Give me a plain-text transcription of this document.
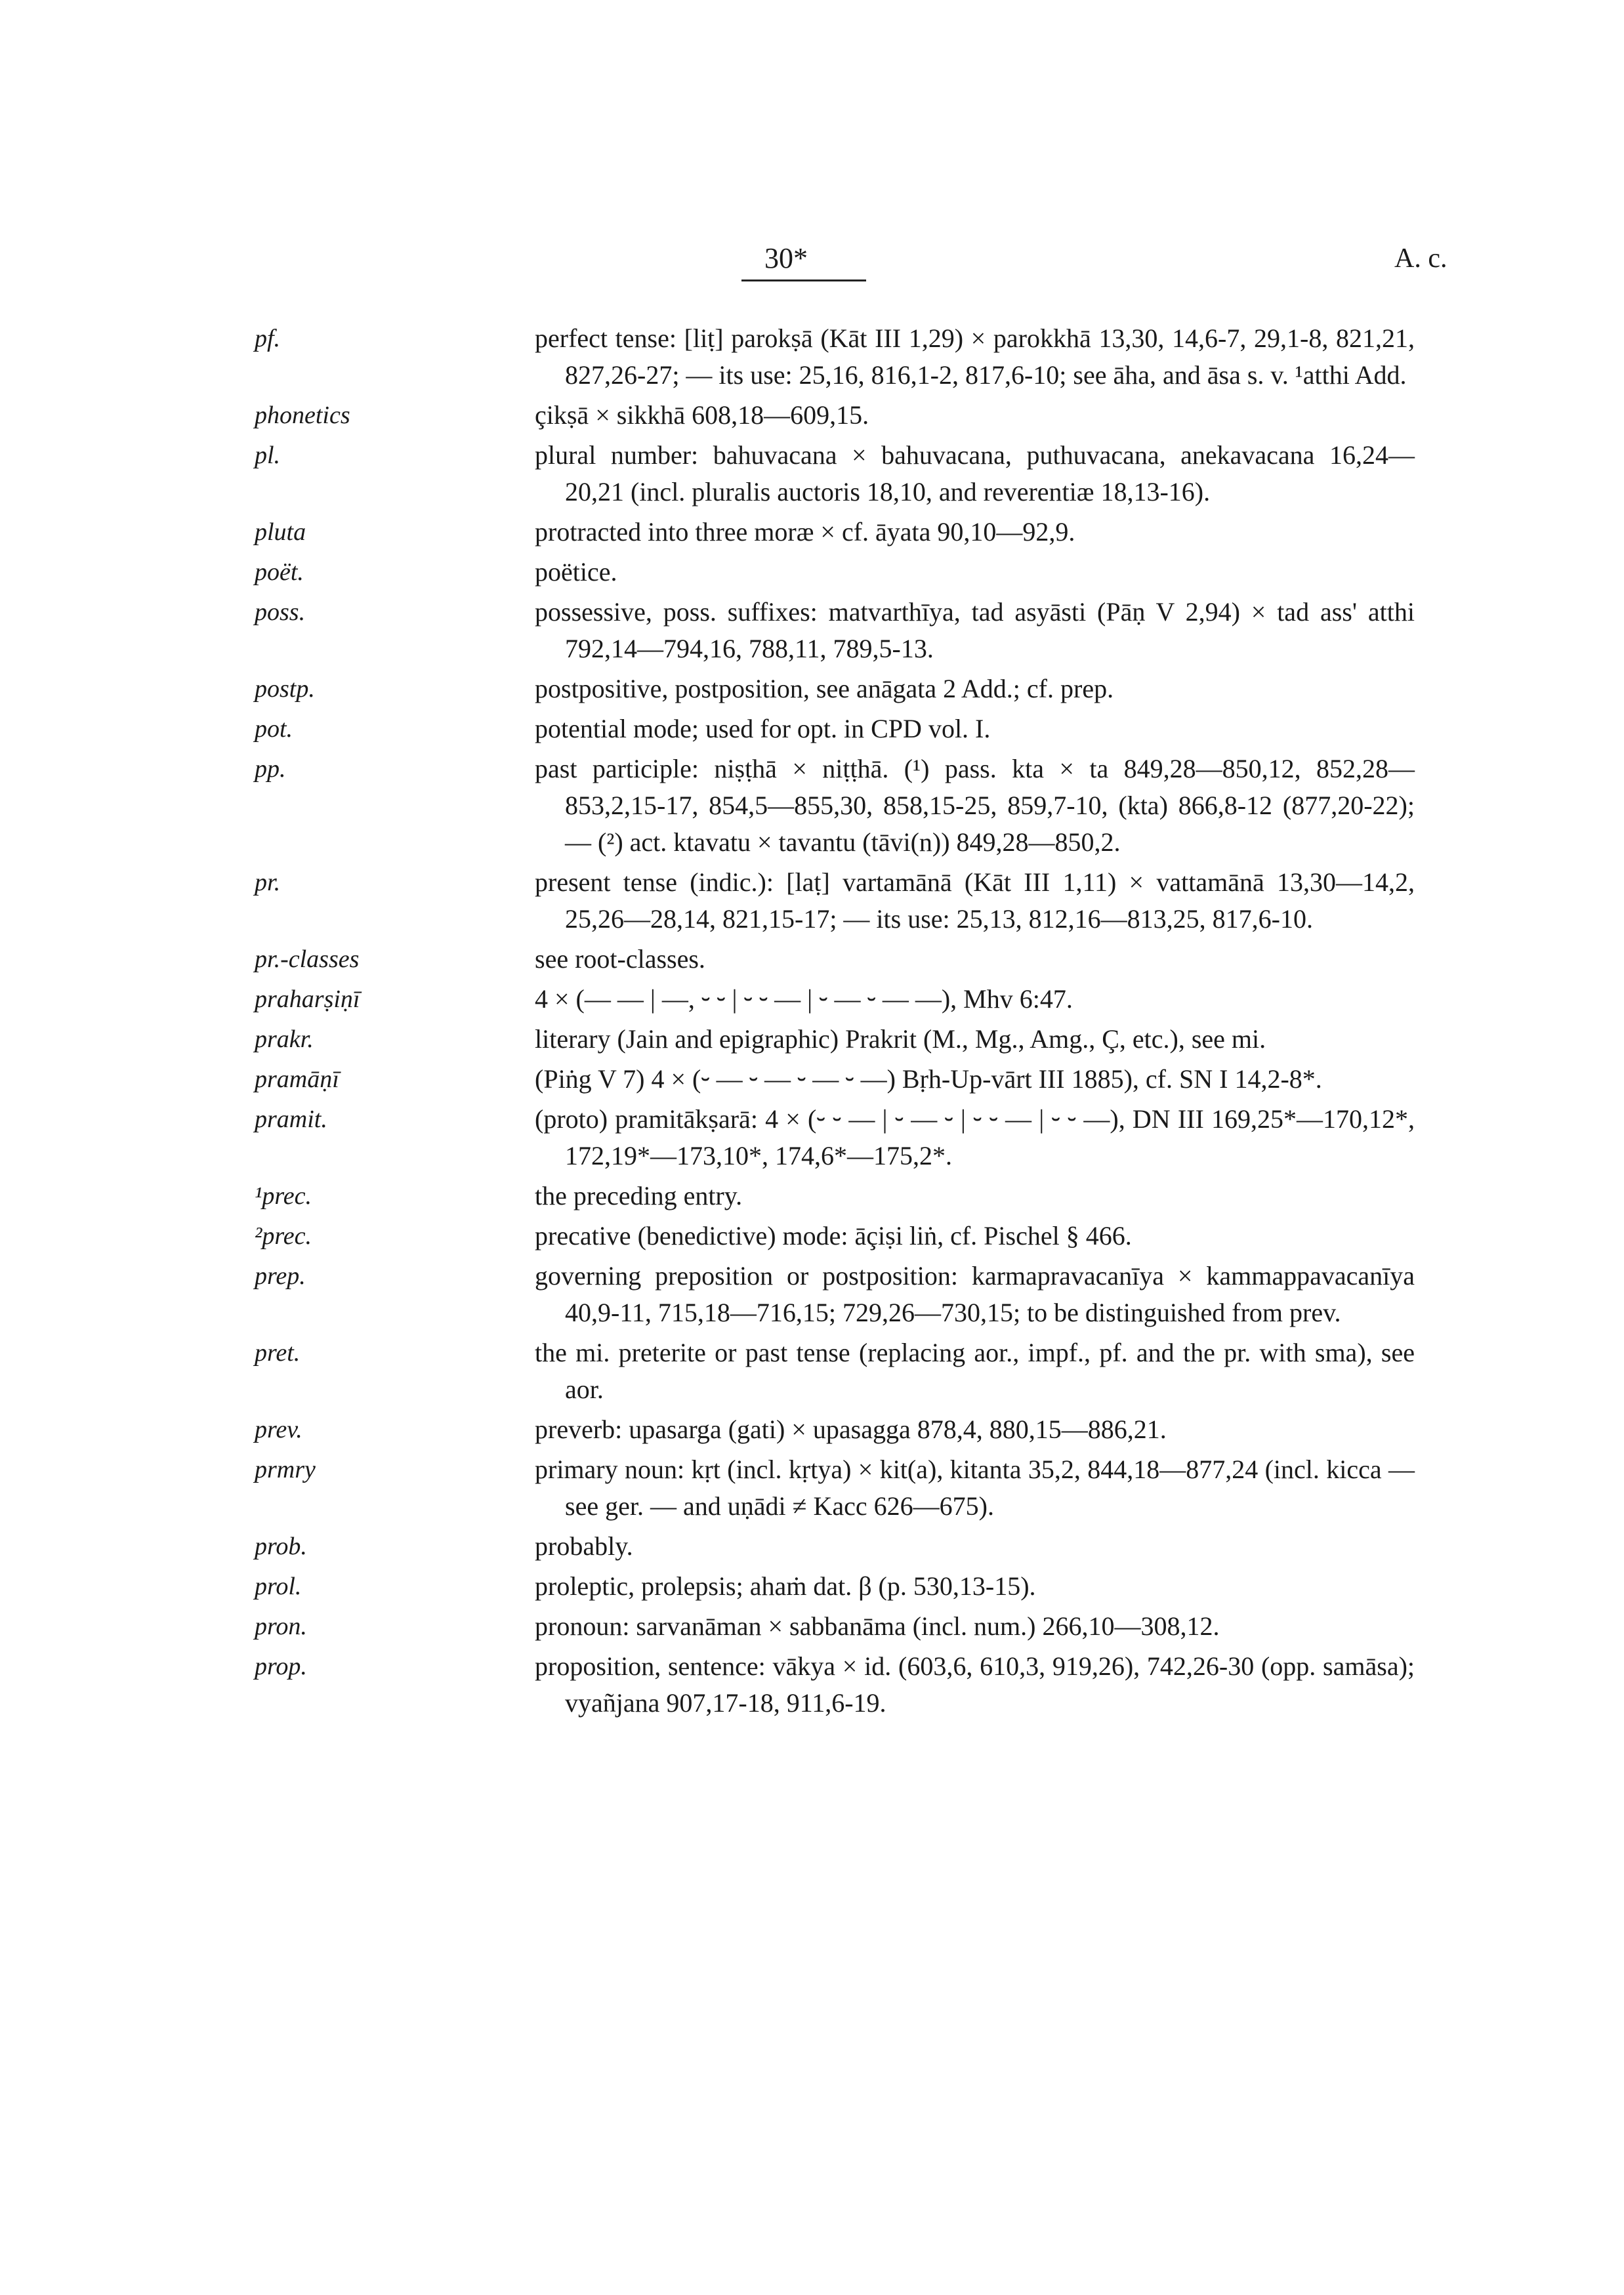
30*	A. c.
pf.	perfect tense: [liṭ] parokṣā (Kāt III 1,29) × parokkhā 13,30, 14,6-7, 29,1-8, 821,21, 827,26-27; — its use: 25,16, 816,1-2, 817,6-10; see āha, and āsa s. v. ¹atthi Add.
phonetics	çikṣā × sikkhā 608,18—609,15.
pl.	plural number: bahuvacana × bahuvacana, puthuvacana, anekavacana 16,24—20,21 (incl. pluralis auctoris 18,10, and reverentiæ 18,13-16).
pluta	protracted into three moræ × cf. āyata 90,10—92,9.
poët.	poëtice.
poss.	possessive, poss. suffixes: matvarthīya, tad asyāsti (Pāṇ V 2,94) × tad ass' atthi 792,14—794,16, 788,11, 789,5-13.
postp.	postpositive, postposition, see anāgata 2 Add.; cf. prep.
pot.	potential mode; used for opt. in CPD vol. I.
pp.	past participle: niṣṭhā × niṭṭhā. (¹) pass. kta × ta 849,28—850,12, 852,28—853,2,15-17, 854,5—855,30, 858,15-25, 859,7-10, (kta) 866,8-12 (877,20-22); — (²) act. ktavatu × tavantu (tāvi(n)) 849,28—850,2.
pr.	present tense (indic.): [laṭ] vartamānā (Kāt III 1,11) × vattamānā 13,30—14,2, 25,26—28,14, 821,15-17; — its use: 25,13, 812,16—813,25, 817,6-10.
pr.-classes	see root-classes.
praharṣiṇī	4 × (— — | —, ⏑ ⏑ | ⏑ ⏑ — | ⏑ — ⏑ — —), Mhv 6:47.
prakr.	literary (Jain and epigraphic) Prakrit (M., Mg., Amg., Ç, etc.), see mi.
pramāṇī	(Piṅg V 7) 4 × (⏑ — ⏑ — ⏑ — ⏑ —) Bṛh-Up-vārt III 1885), cf. SN I 14,2-8*.
pramit.	(proto) pramitākṣarā: 4 × (⏑ ⏑ — | ⏑ — ⏑ | ⏑ ⏑ — | ⏑ ⏑ —), DN III 169,25*—170,12*, 172,19*—173,10*, 174,6*—175,2*.
¹prec.	the preceding entry.
²prec.	precative (benedictive) mode: āçiṣi liṅ, cf. Pischel § 466.
prep.	governing preposition or postposition: karmapravacanīya × kammappavacanīya 40,9-11, 715,18—716,15; 729,26—730,15; to be distinguished from prev.
pret.	the mi. preterite or past tense (replacing aor., impf., pf. and the pr. with sma), see aor.
prev.	preverb: upasarga (gati) × upasagga 878,4, 880,15—886,21.
prmry	primary noun: kṛt (incl. kṛtya) × kit(a), kitanta 35,2, 844,18—877,24 (incl. kicca — see ger. — and uṇādi ≠ Kacc 626—675).
prob.	probably.
prol.	proleptic, prolepsis; ahaṁ dat. β (p. 530,13-15).
pron.	pronoun: sarvanāman × sabbanāma (incl. num.) 266,10—308,12.
prop.	proposition, sentence: vākya × id. (603,6, 610,3, 919,26), 742,26-30 (opp. samāsa); vyañjana 907,17-18, 911,6-19.
